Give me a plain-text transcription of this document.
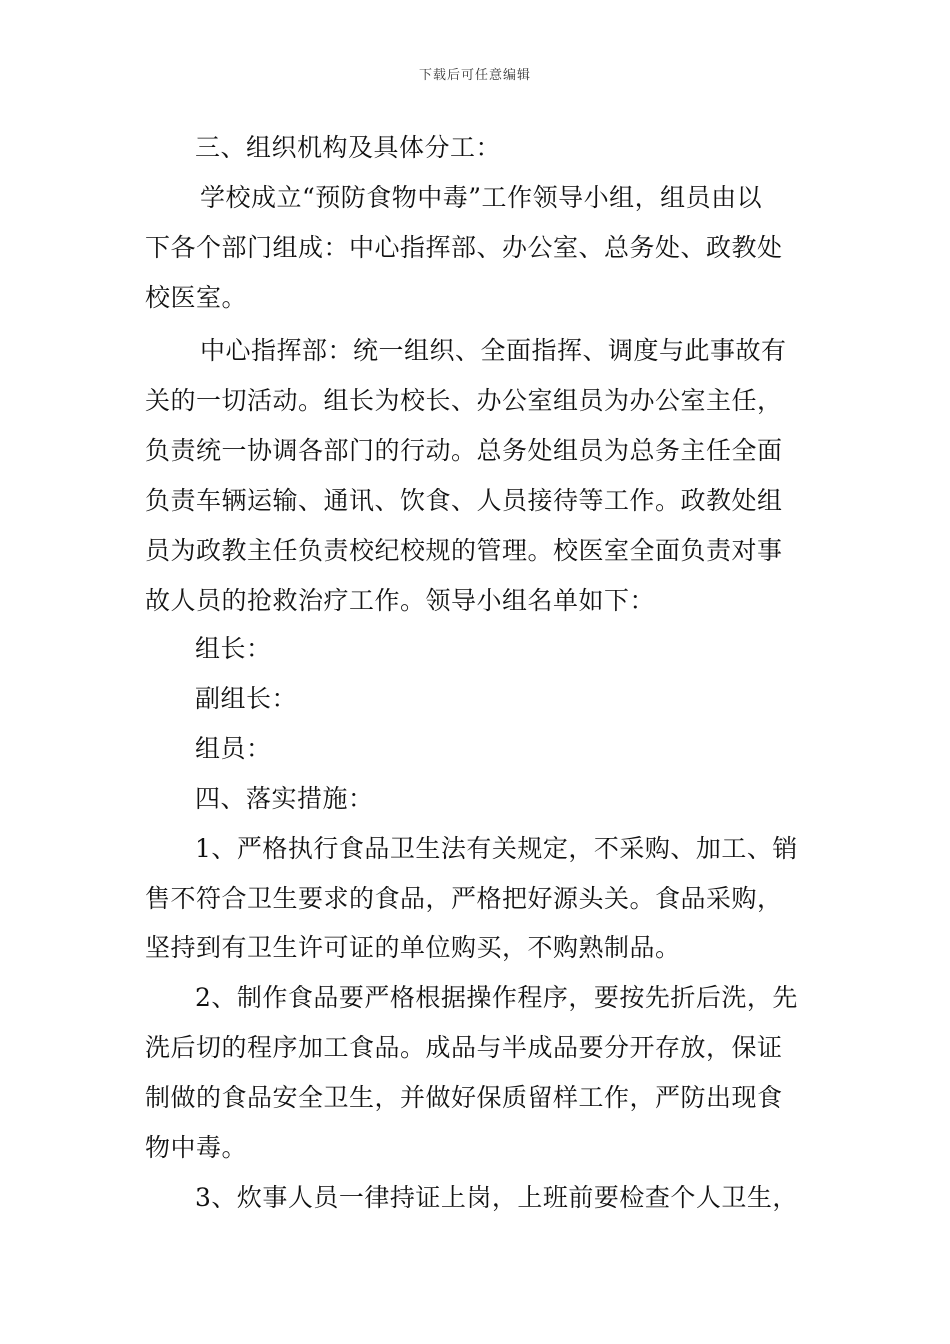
下载后可任意编辑
三、组织机构及具体分工：
学校成立“预防食物中毒”工作领导小组，组员由以
下各个部门组成：中心指挥部、办公室、总务处、政教处
校医室。
中心指挥部：统一组织、全面指挥、调度与此事故有
关的一切活动。组长为校长、办公室组员为办公室主任，
负责统一协调各部门的行动。总务处组员为总务主任全面
负责车辆运输、通讯、饮食、人员接待等工作。政教处组
员为政教主任负责校纪校规的管理。校医室全面负责对事
故人员的抢救治疗工作。领导小组名单如下：
组长：
副组长：
组员：
四、落实措施：
1、严格执行食品卫生法有关规定，不采购、加工、销
售不符合卫生要求的食品，严格把好源头关。食品采购，
坚持到有卫生许可证的单位购买，不购熟制品。
2、制作食品要严格根据操作程序，要按先折后洗，先
洗后切的程序加工食品。成品与半成品要分开存放，保证
制做的食品安全卫生，并做好保质留样工作，严防出现食
物中毒。
3、炊事人员一律持证上岗，上班前要检查个人卫生，
